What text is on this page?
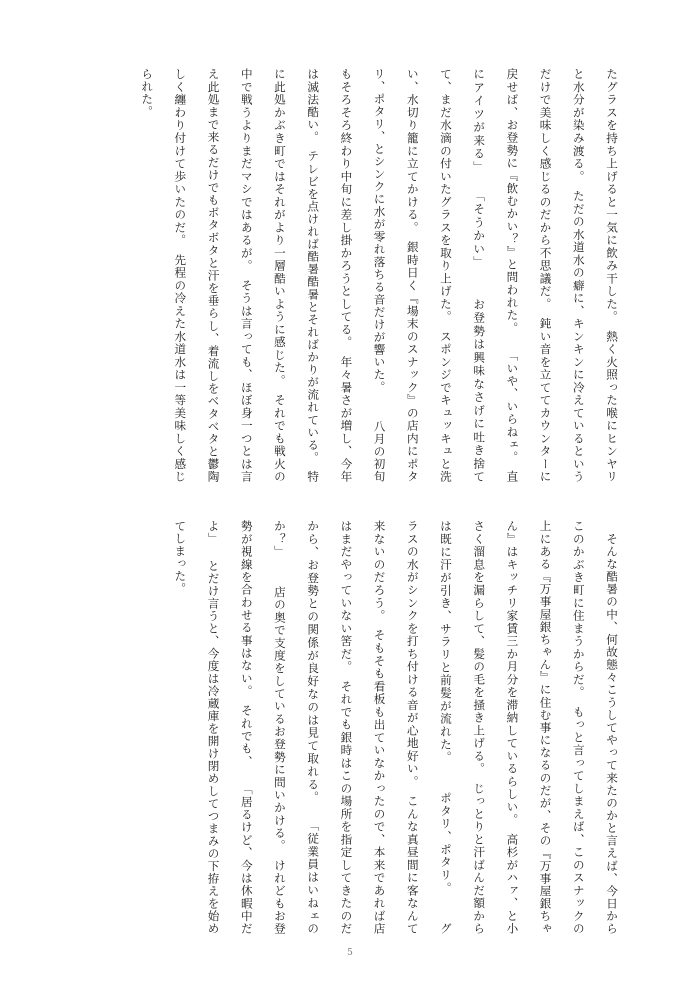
たグラスを持ち上げると一気に飲み干した。　熱く火照った喉にヒンヤリと水分が染み渡る。　ただの水道水の癖に、キンキンに冷えているというだけで美味しく感じるのだから不思議だ。　鈍い音を立ててカウンターに戻せば、お登勢に『飲むかい？』と問われた。 「いや、いらねェ。　直にアイツが来る」 「そうかい」 　お登勢は興味なさげに吐き捨てて、まだ水滴の付いたグラスを取り上げた。　スポンジでキュッキュと洗い、水切り籠に立てかける。　銀時日く『場末のスナック』の店内にポタリ、ポタリ、とシンクに水が零れ落ちる音だけが響いた。 　八月の初旬もそろそろ終わり中旬に差し掛かろうとしてる。　年々暑さが増し、今年は滅法酷い。　テレビを点ければ酷暑酷暑とそればかりが流れている。　特に此処かぶき町ではそれがより一層酷いように感じた。　それでも戦火の中で戦うよりまだマシではあるが。　そうは言っても、ほぼ身一つとは言え此処まで来るだけでもボタボタと汗を垂らし、着流しをベタベタと鬱陶しく纏わり付けて歩いたのだ。　先程の冷えた水道水は一等美味しく感じられた。
　そんな酷暑の中、何故態々こうしてやって来たのかと言えば、今日からこのかぶき町に住まうからだ。　もっと言ってしまえば、このスナックの上にある『万事屋銀ちゃん』に住む事になるのだが、その『万事屋銀ちゃん』はキッチリ家賃三か月分を滞納しているらしい。　高杉がハァ、と小さく溜息を漏らして、髪の毛を掻き上げる。　じっとりと汗ばんだ額からは既に汗が引き、サラリと前髪が流れた。 　ポタリ、ポタリ。 　グラスの水がシンクを打ち付ける音が心地好い。　こんな真昼間に客なんて来ないのだろう。　そもそも看板も出ていなかったので、本来であれば店はまだやっていない筈だ。　それでも銀時はこの場所を指定してきたのだから、お登勢との関係が良好なのは見て取れる。 「従業員はいねェのか？」 　店の奥で支度をしているお登勢に問いかける。　けれどもお登勢が視線を合わせる事はない。　それでも、 「居るけど、今は休暇中だよ」 とだけ言うと、今度は冷蔵庫を開け閉めしてつまみの下拵えを始めてしまった。
5
